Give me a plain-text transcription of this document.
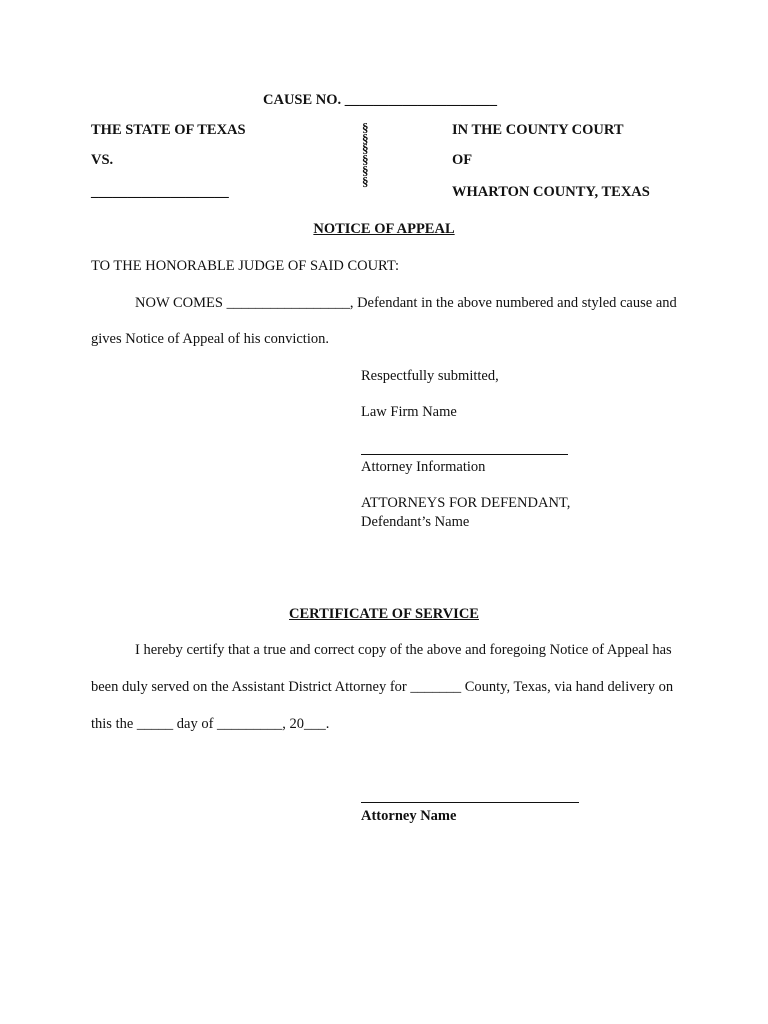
CAUSE NO. _____________________
THE STATE OF TEXAS
VS.
___________________
§
§
§
§
§
§
IN THE COUNTY COURT
OF
WHARTON COUNTY, TEXAS
NOTICE OF APPEAL
TO THE HONORABLE JUDGE OF SAID COURT:
NOW COMES _________________, Defendant in the above numbered and styled cause and
gives Notice of Appeal of his conviction.
Respectfully submitted,
Law Firm Name
Attorney Information
ATTORNEYS FOR DEFENDANT,
Defendant’s Name
CERTIFICATE OF SERVICE
I hereby certify that a true and correct copy of the above and foregoing Notice of Appeal has
been duly served on the Assistant District Attorney for _______ County, Texas, via hand delivery on
this the _____ day of _________, 20___.
Attorney Name
